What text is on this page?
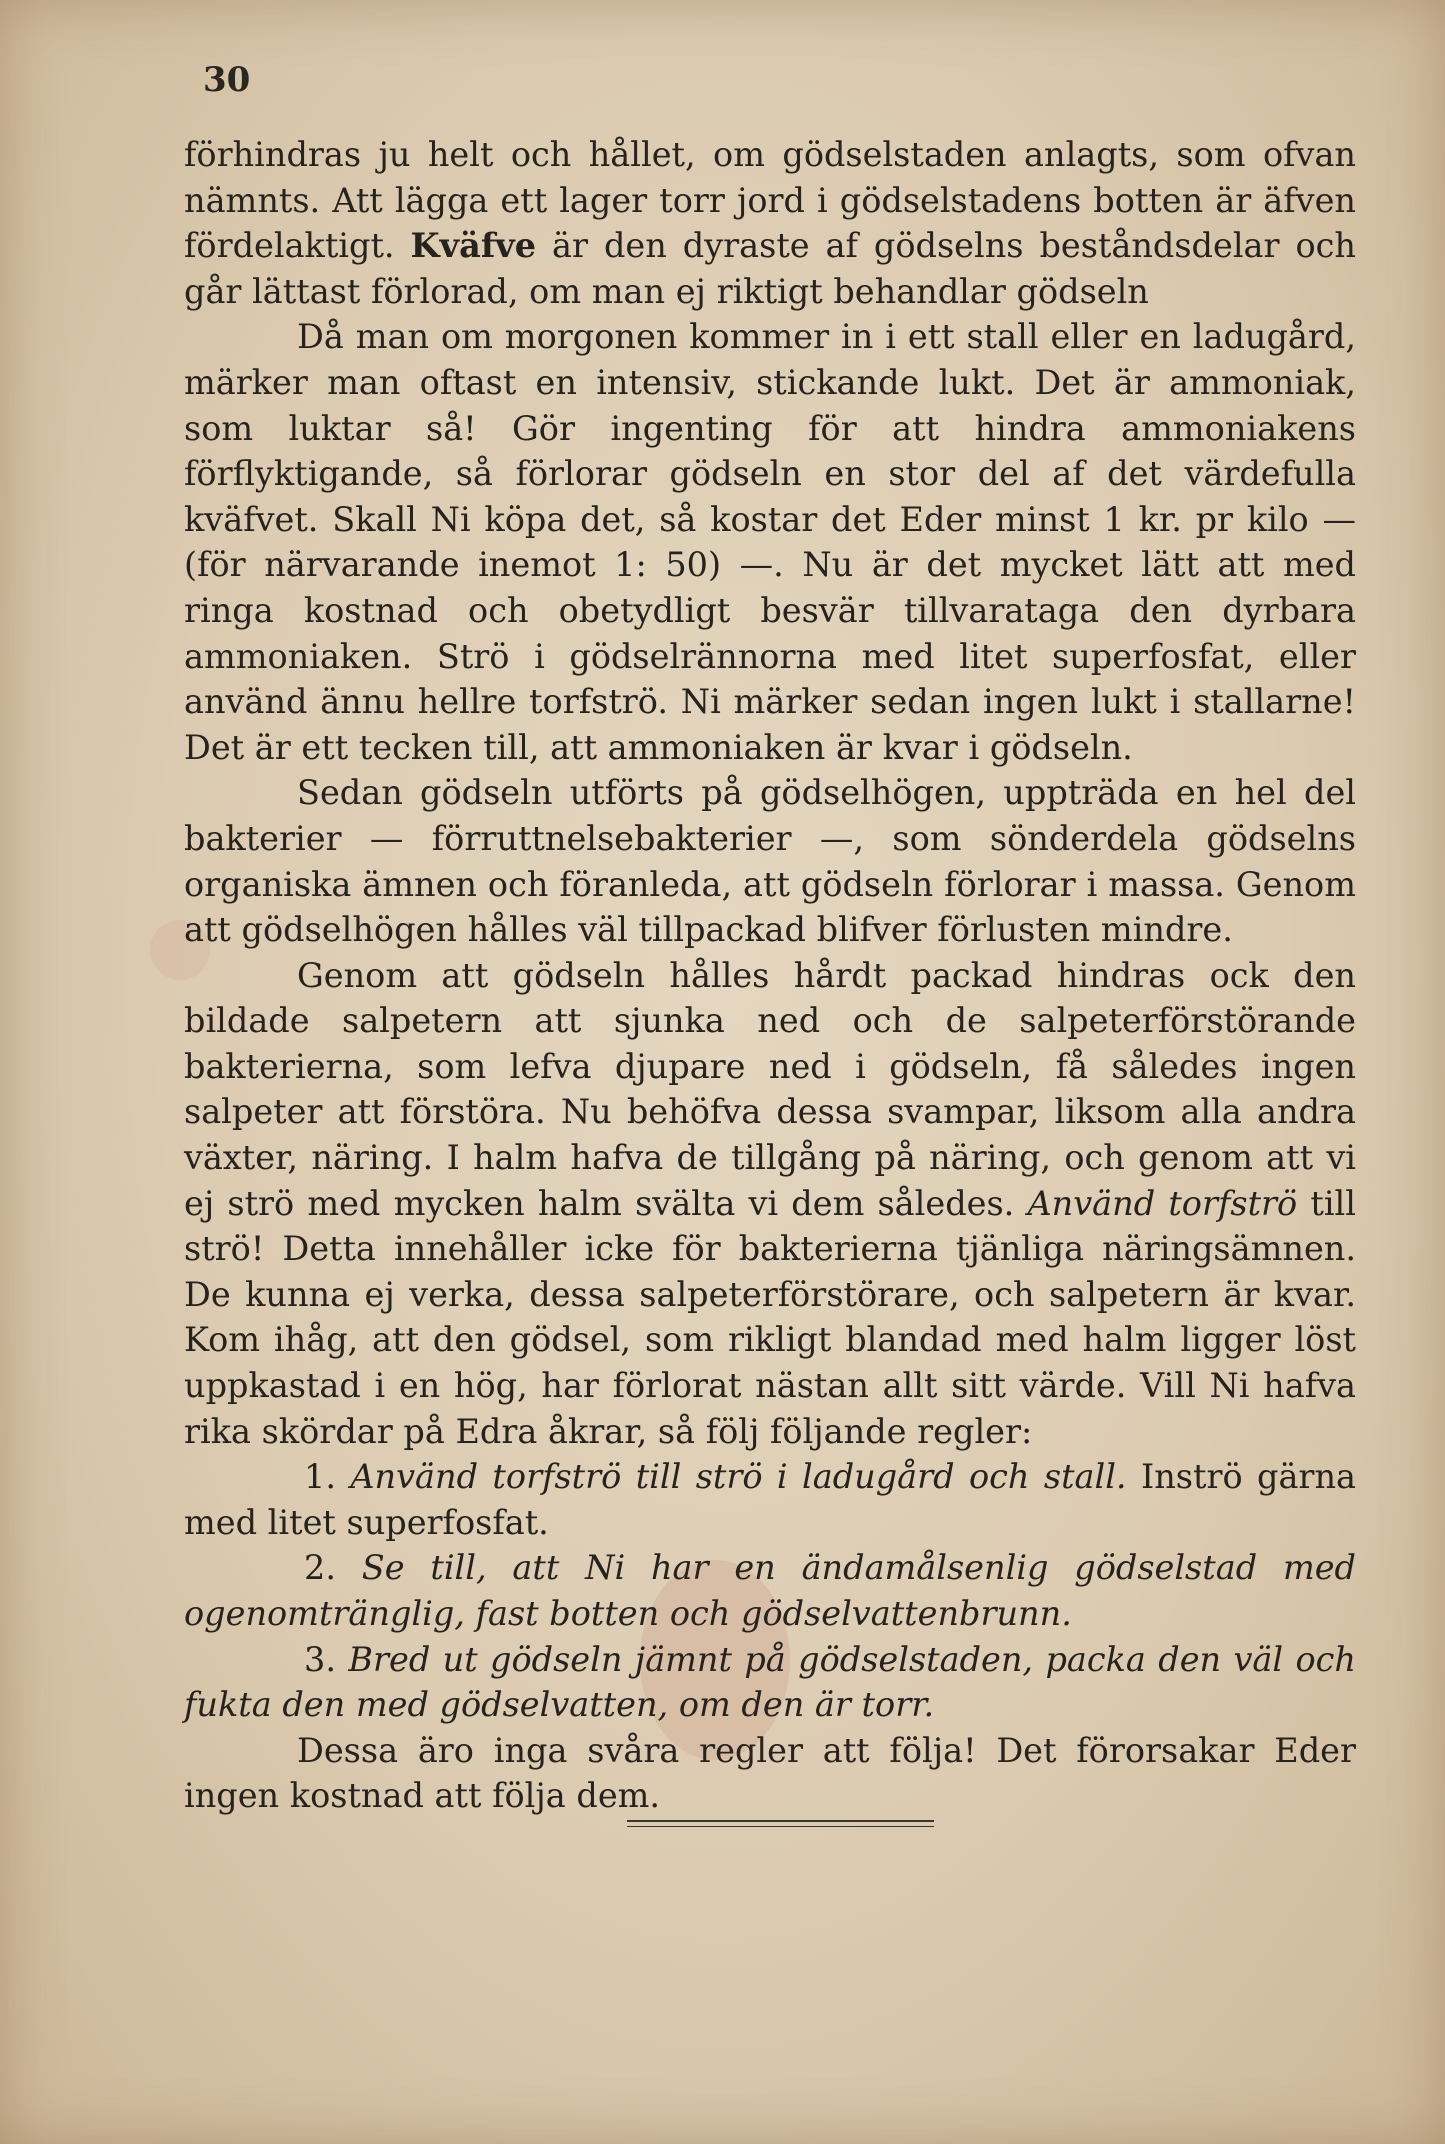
30

förhindras ju helt och hållet, om gödselstaden anlagts, som ofvan nämnts. Att lägga ett lager torr jord i gödselstadens botten är äfven fördelaktigt. Kväfve är den dyraste af gödselns beståndsdelar och går lättast förlorad, om man ej riktigt behandlar gödseln

Då man om morgonen kommer in i ett stall eller en ladugård, märker man oftast en intensiv, stickande lukt. Det är ammoniak, som luktar så! Gör ingenting för att hindra ammoniakens förflyktigande, så förlorar gödseln en stor del af det värdefulla kväfvet. Skall Ni köpa det, så kostar det Eder minst 1 kr. pr kilo — (för närvarande inemot 1: 50) —. Nu är det mycket lätt att med ringa kostnad och obetydligt besvär tillvaratagа den dyrbara ammoniaken. Strö i gödselrännorna med litet superfosfat, eller använd ännu hellre torfströ. Ni märker sedan ingen lukt i stallarne! Det är ett tecken till, att ammoniaken är kvar i gödseln.

Sedan gödseln utförts på gödselhögen, uppträda en hel del bakterier — förruttnelsebakterier —, som sönderdela gödselns organiska ämnen och föranleda, att gödseln förlorar i massa. Genom att gödselhögen hålles väl tillpackad blifver förlusten mindre.

Genom att gödseln hålles hårdt packad hindras ock den bildade salpetern att sjunka ned och de salpeterförstörande bakterierna, som lefva djupare ned i gödseln, få således ingen salpeter att förstöra. Nu behöfva dessa svampar, liksom alla andra växter, näring. I halm hafva de tillgång på näring, och genom att vi ej strö med mycken halm svälta vi dem således. Använd torfströ till strö! Detta innehåller icke för bakterierna tjänliga näringsämnen. De kunna ej verka, dessa salpeterförstörare, och salpetern är kvar. Kom ihåg, att den gödsel, som rikligt blandad med halm ligger löst uppkastad i en hög, har förlorat nästan allt sitt värde. Vill Ni hafva rika skördar på Edra åkrar, så följ följande regler:

1. Använd torfströ till strö i ladugård och stall. Inströ gärna med litet superfosfat.

2. Se till, att Ni har en ändamålsenlig gödselstad med ogenomtränglig, fast botten och gödselvattenbrunn.

3. Bred ut gödseln jämnt på gödselstaden, packa den väl och fukta den med gödselvatten, om den är torr.

Dessa äro inga svåra regler att följa! Det förorsakar Eder ingen kostnad att följa dem.
